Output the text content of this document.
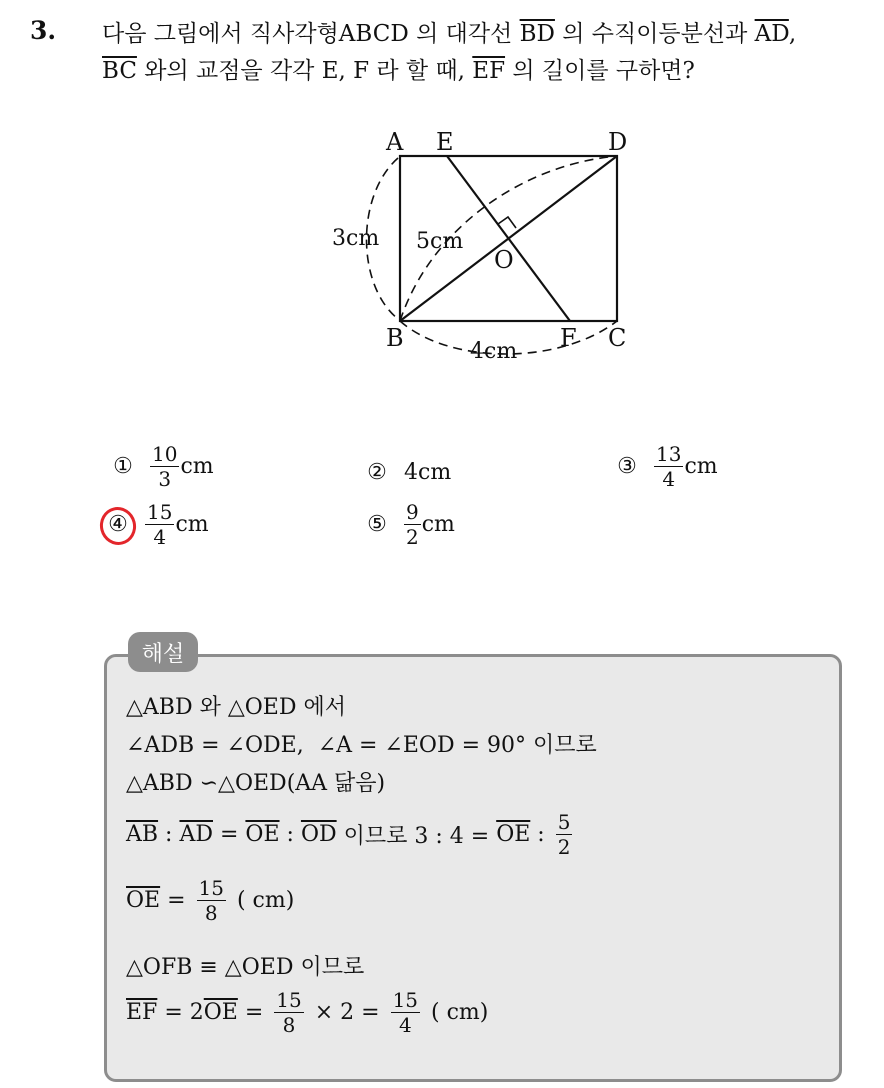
3. 다음 그림에서 직사각형ABCD 의 대각선 $\overline{BD}$ 의 수직이등분선과 $\overline{AD}$,
$\overline{BC}$ 와의 교점을 각각 E, F 라 할 때, $\overline{EF}$ 의 길이를 구하면?
A E	D
B	F C
O
3cm 5cm
4cm
① $\frac{10}{3}$ cm	② 4cm	③ $\frac{13}{4}$ cm
④ $\frac{15}{4}$ cm	⑤ $\frac{9}{2}$ cm
해설
△ABD 와 △OED 에서
∠ADB = ∠ODE,  ∠A = ∠EOD = 90° 이므로
△ABD ∽△OED(AA 닮음)
$\overline{AB}$ : $\overline{AD} = \overline{OE}$ : $\overline{OD}$ 이므로 3 : $4 = \overline{OE}$ : $\frac{5}{2}$
$\overline{OE} = \frac{15}{8}$ ( cm)
△OFB ≡ △OED 이므로
$\overline{EF} = 2$ $\overline{OE} = \frac{15}{8} \times 2 = \frac{15}{4}$ ( cm)
